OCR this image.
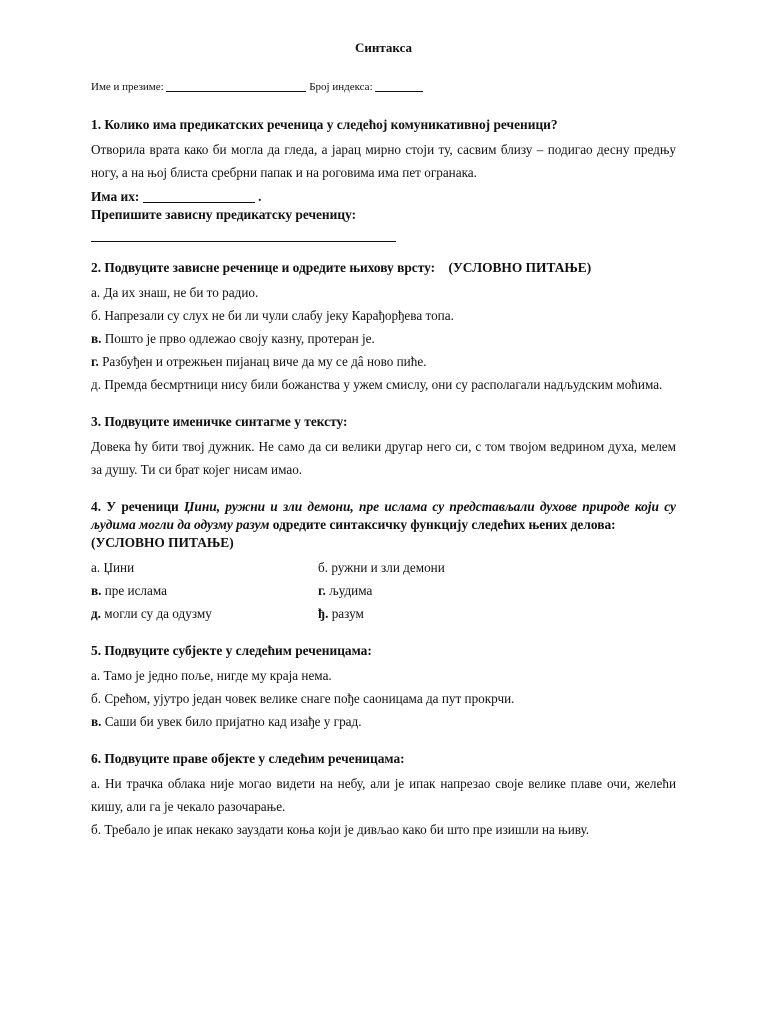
Синтакса
Име и презиме:	Број индекса:
1. Колико има предикатских реченица у следећој комуникативној реченици?
Отворила врата како би могла да гледа, а јарац мирно стоји ту, сасвим близу – подигао десну предњу ногу, а на њој блиста сребрни папак и на роговима има пет огранака.
Има их:	.
Препишите зависну предикатску реченицу:
2. Подвуците зависне реченице и одредите њихову врсту: (УСЛОВНО ПИТАЊЕ)
а. Да их знаш, не би то радио.
б. Напрезали су слух не би ли чули слабу јеку Карађорђева топа.
в. Пошто је прво одлежао своју казну, протеран је.
г. Разбуђен и отрежњен пијанац виче да му се дâ ново пиће.
д. Премда бесмртници нису били божанства у ужем смислу, они су располагали надљудским моћима.
3. Подвуците именичке синтагме у тексту:
Довека ћу бити твој дужник. Не само да си велики другар него си, с том твојом ведрином духа, мелем за душу. Ти си брат којег нисам имао.
4. У реченици Џини, ружни и зли демони, пре ислама су представљали духове природе који су људима могли да одузму разум одредите синтаксичку функцију следећих њених делова:
(УСЛОВНО ПИТАЊЕ)
а. Џини	б. ружни и зли демони
в. пре ислама	г. људима
д. могли су да одузму	ђ. разум
5. Подвуците субјекте у следећим реченицама:
а. Тамо је једно поље, нигде му краја нема.
б. Срећом, ујутро један човек велике снаге пође саоницама да пут прокрчи.
в. Саши би увек било пријатно кад изађе у град.
6. Подвуците праве објекте у следећим реченицама:
а. Ни трачка облака није могао видети на небу, али је ипак напрезао своје велике плаве очи, желећи кишу, али га је чекало разочарање.
б. Требало је ипак некако зауздати коња који је дивљао како би што пре изишли на њиву.
